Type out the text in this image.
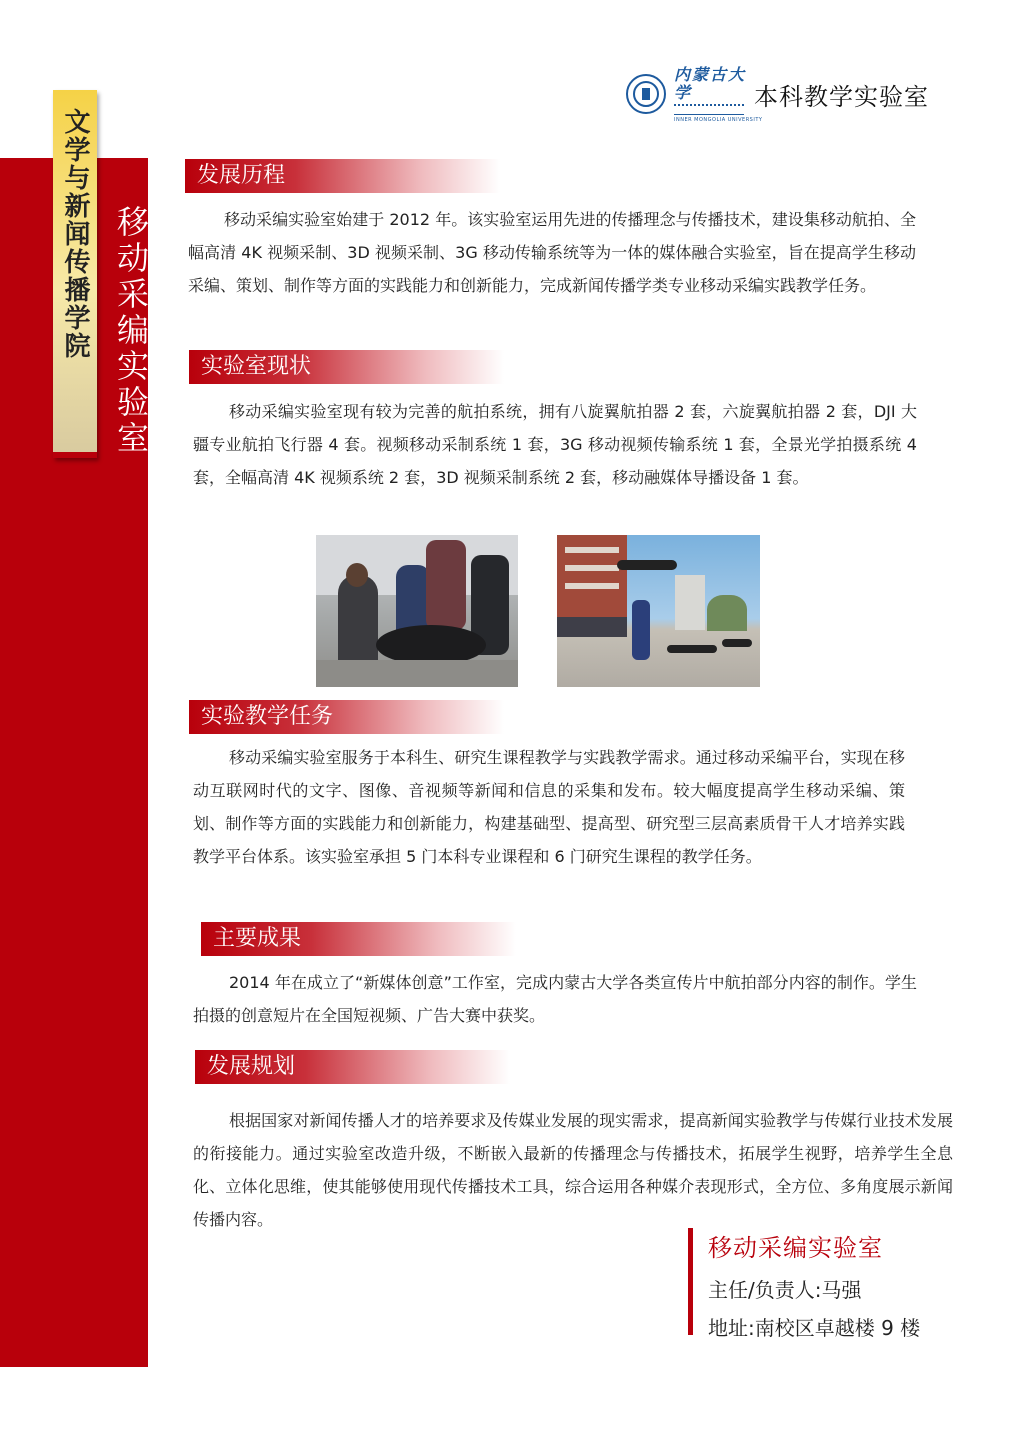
文学与新闻传播学院 移动采编实验室
内蒙古大学
INNER MONGOLIA UNIVERSITY
本科教学实验室
发展历程

移动采编实验室始建于 2012 年。该实验室运用先进的传播理念与传播技术，建设集移动航拍、全幅高清 4K 视频采制、3D 视频采制、3G 移动传输系统等为一体的媒体融合实验室，旨在提高学生移动采编、策划、制作等方面的实践能力和创新能力，完成新闻传播学类专业移动采编实践教学任务。

实验室现状

移动采编实验室现有较为完善的航拍系统，拥有八旋翼航拍器 2 套，六旋翼航拍器 2 套，DJI 大疆专业航拍飞行器 4 套。视频移动采制系统 1 套，3G 移动视频传输系统 1 套，全景光学拍摄系统 4 套，全幅高清 4K 视频系统 2 套，3D 视频采制系统 2 套，移动融媒体导播设备 1 套。

实验教学任务

移动采编实验室服务于本科生、研究生课程教学与实践教学需求。通过移动采编平台，实现在移动互联网时代的文字、图像、音视频等新闻和信息的采集和发布。较大幅度提高学生移动采编、策划、制作等方面的实践能力和创新能力，构建基础型、提高型、研究型三层高素质骨干人才培养实践教学平台体系。该实验室承担 5 门本科专业课程和 6 门研究生课程的教学任务。

主要成果

2014 年在成立了“新媒体创意”工作室，完成内蒙古大学各类宣传片中航拍部分内容的制作。学生拍摄的创意短片在全国短视频、广告大赛中获奖。

发展规划

根据国家对新闻传播人才的培养要求及传媒业发展的现实需求，提高新闻实验教学与传媒行业技术发展的衔接能力。通过实验室改造升级，不断嵌入最新的传播理念与传播技术，拓展学生视野，培养学生全息化、立体化思维，使其能够使用现代传播技术工具，综合运用各种媒介表现形式，全方位、多角度展示新闻传播内容。

移动采编实验室
主任/负责人:马强
地址:南校区卓越楼 9 楼
